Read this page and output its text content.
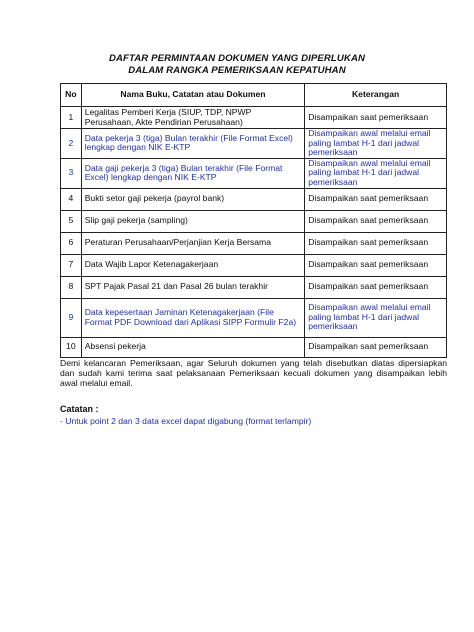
DAFTAR PERMINTAAN DOKUMEN YANG DIPERLUKAN
DALAM RANGKA PEMERIKSAAN KEPATUHAN
No	Nama Buku, Catatan atau Dokumen	Keterangan
1	Legalitas Pemberi Kerja (SIUP, TDP, NPWP Perusahaan, Akte Pendirian Perusahaan)	Disampaikan saat pemeriksaan
2	Data pekerja 3 (tiga) Bulan terakhir (File Format Excel) lengkap dengan NIK E-KTP	Disampaikan awal melalui email paling lambat H-1 dari jadwal pemeriksaan
3	Data gaji pekerja 3 (tiga) Bulan terakhir (File Format Excel) lengkap dengan NIK E-KTP	Disampaikan awal melalui email paling lambat H-1 dari jadwal pemeriksaan
4	Bukti setor gaji pekerja (payrol bank)	Disampaikan saat pemeriksaan
5	Slip gaji pekerja (sampling)	Disampaikan saat pemeriksaan
6	Peraturan Perusahaan/Perjanjian Kerja Bersama	Disampaikan saat pemeriksaan
7	Data Wajib Lapor Ketenagakerjaan	Disampaikan saat pemeriksaan
8	SPT Pajak Pasal 21 dan Pasal 26 bulan terakhir	Disampaikan saat pemeriksaan
9	Data kepesertaan Jaminan Ketenagakerjaan (File Format PDF Download dari Aplikasi SIPP Formulir F2a)	Disampaikan awal melalui email paling lambat H-1 dari jadwal pemeriksaan
10	Absensi pekerja	Disampaikan saat pemeriksaan
Demi kelancaran Pemeriksaan, agar Seluruh dokumen yang telah disebutkan diatas dipersiapkan dan sudah kami terima saat pelaksanaan Pemeriksaan kecuali dokumen yang disampaikan lebih awal melalui email.
Catatan :
- Untuk point 2 dan 3 data excel dapat digabung (format terlampir)
